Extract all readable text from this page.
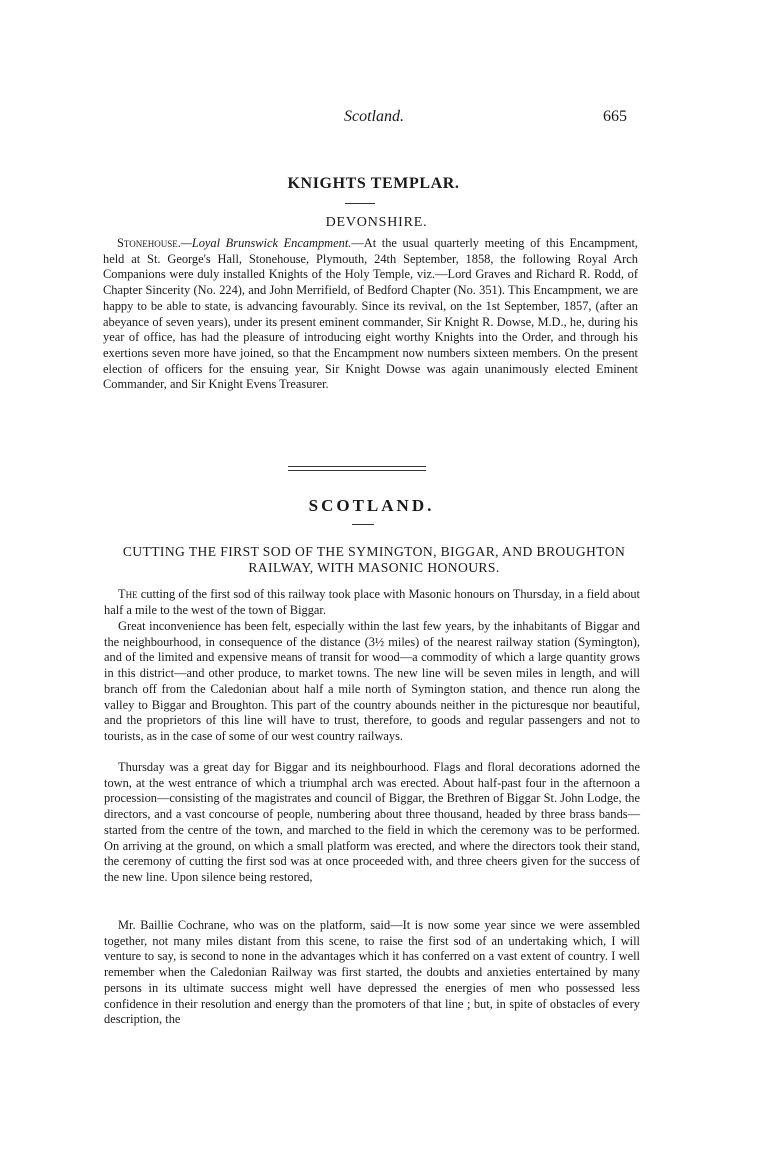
Scotland.	665
KNIGHTS TEMPLAR.
DEVONSHIRE.

Stonehouse.—Loyal Brunswick Encampment.—At the usual quarterly meeting of this Encampment, held at St. George's Hall, Stonehouse, Plymouth, 24th September, 1858, the following Royal Arch Companions were duly installed Knights of the Holy Temple, viz.—Lord Graves and Richard R. Rodd, of Chapter Sincerity (No. 224), and John Merrifield, of Bedford Chapter (No. 351). This Encampment, we are happy to be able to state, is advancing favourably. Since its revival, on the 1st September, 1857, (after an abeyance of seven years), under its present eminent commander, Sir Knight R. Dowse, M.D., he, during his year of office, has had the pleasure of introducing eight worthy Knights into the Order, and through his exertions seven more have joined, so that the Encampment now numbers sixteen members. On the present election of officers for the ensuing year, Sir Knight Dowse was again unanimously elected Eminent Commander, and Sir Knight Evens Treasurer.

SCOTLAND.
CUTTING THE FIRST SOD OF THE SYMINGTON, BIGGAR, AND BROUGHTON RAILWAY, WITH MASONIC HONOURS.

The cutting of the first sod of this railway took place with Masonic honours on Thursday, in a field about half a mile to the west of the town of Biggar.

Great inconvenience has been felt, especially within the last few years, by the inhabitants of Biggar and the neighbourhood, in consequence of the distance (3½ miles) of the nearest railway station (Symington), and of the limited and expensive means of transit for wood—a commodity of which a large quantity grows in this district—and other produce, to market towns. The new line will be seven miles in length, and will branch off from the Caledonian about half a mile north of Symington station, and thence run along the valley to Biggar and Broughton. This part of the country abounds neither in the picturesque nor beautiful, and the proprietors of this line will have to trust, therefore, to goods and regular passengers and not to tourists, as in the case of some of our west country railways.

Thursday was a great day for Biggar and its neighbourhood. Flags and floral decorations adorned the town, at the west entrance of which a triumphal arch was erected. About half-past four in the afternoon a procession—consisting of the magistrates and council of Biggar, the Brethren of Biggar St. John Lodge, the directors, and a vast concourse of people, numbering about three thousand, headed by three brass bands—started from the centre of the town, and marched to the field in which the ceremony was to be performed. On arriving at the ground, on which a small platform was erected, and where the directors took their stand, the ceremony of cutting the first sod was at once proceeded with, and three cheers given for the success of the new line. Upon silence being restored,

Mr. Baillie Cochrane, who was on the platform, said—It is now some year since we were assembled together, not many miles distant from this scene, to raise the first sod of an undertaking which, I will venture to say, is second to none in the advantages which it has conferred on a vast extent of country. I well remember when the Caledonian Railway was first started, the doubts and anxieties entertained by many persons in its ultimate success might well have depressed the energies of men who possessed less confidence in their resolution and energy than the promoters of that line ; but, in spite of obstacles of every description, the
